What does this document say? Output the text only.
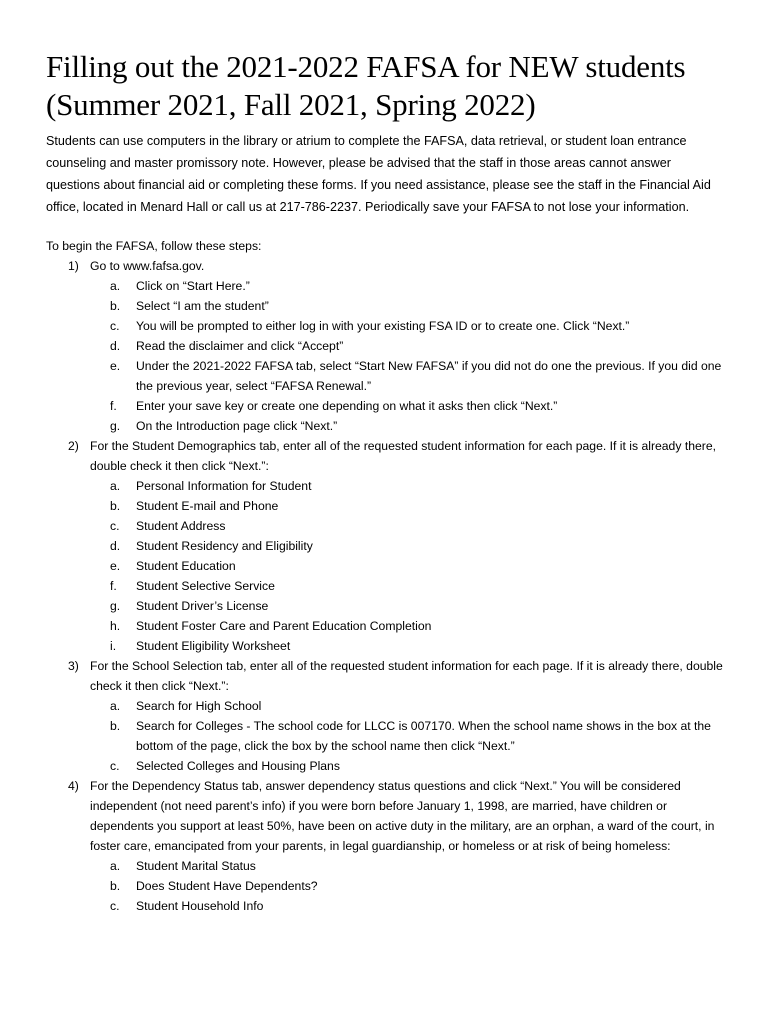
Filling out the 2021-2022 FAFSA for NEW students
(Summer 2021, Fall 2021, Spring 2022)

Students can use computers in the library or atrium to complete the FAFSA, data retrieval, or student loan entrance counseling and master promissory note. However, please be advised that the staff in those areas cannot answer questions about financial aid or completing these forms. If you need assistance, please see the staff in the Financial Aid office, located in Menard Hall or call us at 217-786-2237. Periodically save your FAFSA to not lose your information.

To begin the FAFSA, follow these steps:

1) Go to www.fafsa.gov.
a.	Click on “Start Here.”
b.	Select “I am the student”
c.	You will be prompted to either log in with your existing FSA ID or to create one. Click “Next.”
d.	Read the disclaimer and click “Accept”
e.	Under the 2021-2022 FAFSA tab, select “Start New FAFSA” if you did not do one the previous. If you did one the previous year, select “FAFSA Renewal.”
f.	Enter your save key or create one depending on what it asks then click “Next.”
g.	On the Introduction page click “Next.”
2) For the Student Demographics tab, enter all of the requested student information for each page. If it is already there, double check it then click “Next.”:
a.	Personal Information for Student
b.	Student E-mail and Phone
c.	Student Address
d.	Student Residency and Eligibility
e.	Student Education
f.	Student Selective Service
g.	Student Driver’s License
h.	Student Foster Care and Parent Education Completion
i.	Student Eligibility Worksheet
3) For the School Selection tab, enter all of the requested student information for each page. If it is already there, double check it then click “Next.”:
a.	Search for High School
b.	Search for Colleges - The school code for LLCC is 007170. When the school name shows in the box at the bottom of the page, click the box by the school name then click “Next.”
c.	Selected Colleges and Housing Plans
4) For the Dependency Status tab, answer dependency status questions and click “Next.” You will be considered independent (not need parent’s info) if you were born before January 1, 1998, are married, have children or dependents you support at least 50%, have been on active duty in the military, are an orphan, a ward of the court, in foster care, emancipated from your parents, in legal guardianship, or homeless or at risk of being homeless:
a.	Student Marital Status
b.	Does Student Have Dependents?
c.	Student Household Info
